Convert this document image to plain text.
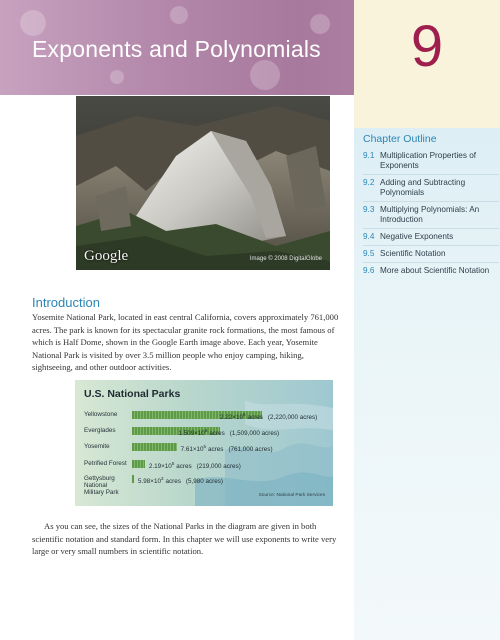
Exponents and Polynomials	9
Chapter Outline
9.1 Multiplication Properties of Exponents
9.2 Adding and Subtracting Polynomials
9.3 Multiplying Polynomials: An Introduction
9.4 Negative Exponents
9.5 Scientific Notation
9.6 More about Scientific Notation
Google	Image © 2008 DigitalGlobe
Introduction

Yosemite National Park, located in east central California, covers approximately 761,000 acres. The park is known for its spectacular granite rock formations, the most famous of which is Half Dome, shown in the Google Earth image above. Each year, Yosemite National Park is visited by over 3.5 million people who enjoy camping, hiking, sightseeing, and other outdoor activities.

U.S. National Parks
Yellowstone	$2.22\times 10^6$ acres (2,220,000 acres)
Everglades	$1.509\times 10^6$ acres (1,509,000 acres)
Yosemite	$7.61\times 10^5$ acres (761,000 acres)
Petrified Forest	$2.19\times 10^5$ acres (219,000 acres)
Gettysburg
National
Military Park
$5.98\times 10^3$ acres (5,980 acres)
Source: National Park Services

As you can see, the sizes of the National Parks in the diagram are given in both scientific notation and standard form. In this chapter we will use exponents to write very large or very small numbers in scientific notation.
